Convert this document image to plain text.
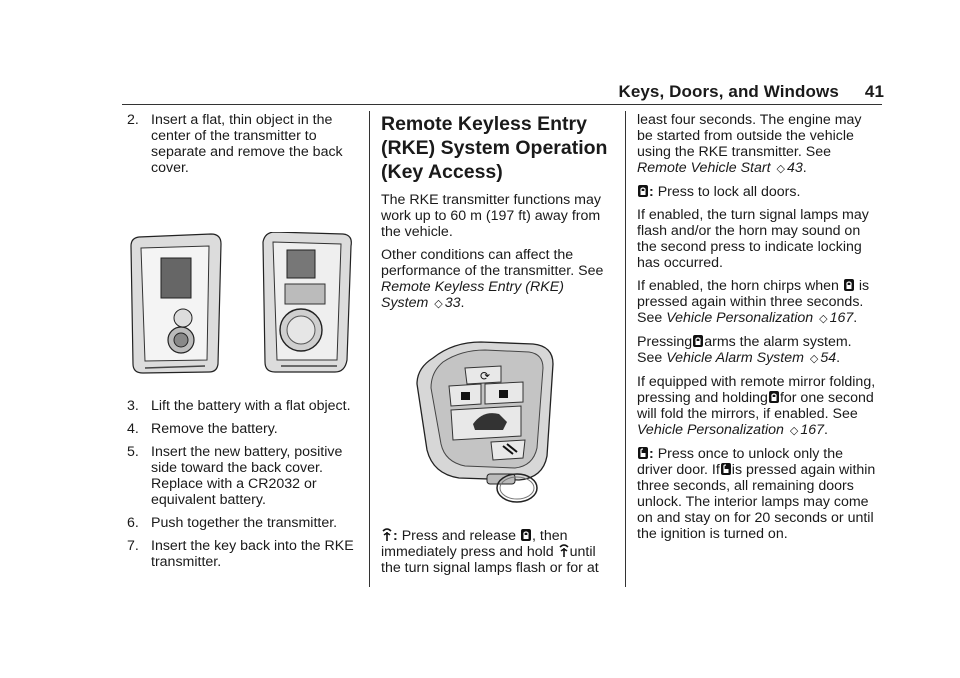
Keys, Doors, and Windows 41
2. Insert a flat, thin object in the center of the transmitter to separate and remove the back cover.
3. Lift the battery with a flat object.
4. Remove the battery.
5. Insert the new battery, positive side toward the back cover. Replace with a CR2032 or equivalent battery.
6. Push together the transmitter.
7. Insert the key back into the RKE transmitter.
Remote Keyless Entry (RKE) System Operation (Key Access)

The RKE transmitter functions may work up to 60 m (197 ft) away from the vehicle.

Other conditions can affect the performance of the transmitter. See Remote Keyless Entry (RKE) System ◇ 33.

⟳

: Press and release , then immediately press and hold until the turn signal lamps flash or for at

least four seconds. The engine may be started from outside the vehicle using the RKE transmitter. See Remote Vehicle Start ◇ 43.

: Press to lock all doors.

If enabled, the turn signal lamps may flash and/or the horn may sound on the second press to indicate locking has occurred.

If enabled, the horn chirps when is pressed again within three seconds. See Vehicle Personalization ◇ 167.

Pressing arms the alarm system. See Vehicle Alarm System ◇ 54.

If equipped with remote mirror folding, pressing and holding for one second will fold the mirrors, if enabled. See Vehicle Personalization ◇ 167.

: Press once to unlock only the driver door. If is pressed again within three seconds, all remaining doors unlock. The interior lamps may come on and stay on for 20 seconds or until the ignition is turned on.
